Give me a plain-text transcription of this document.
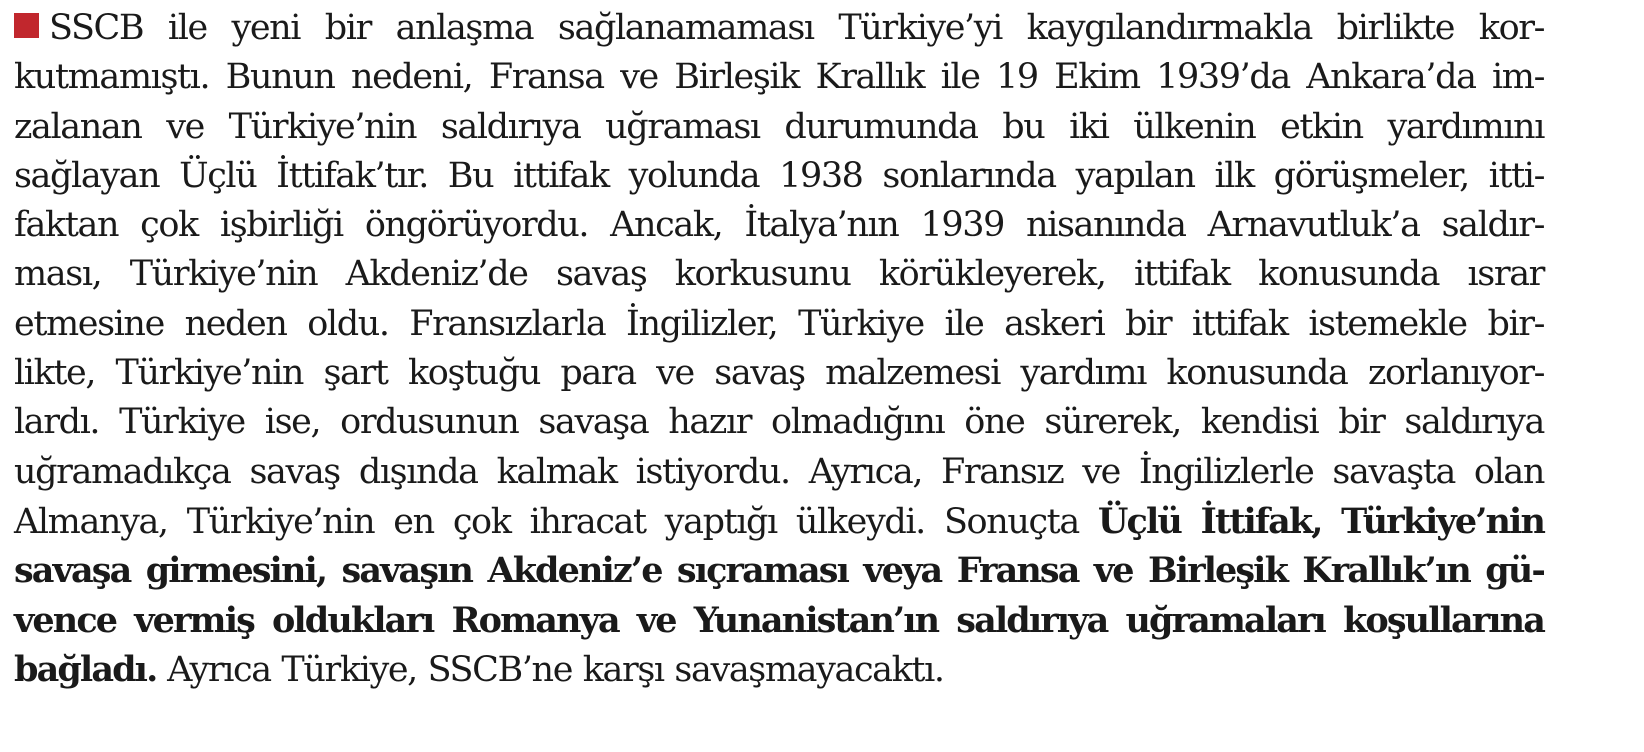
SSCB ile yeni bir anlaşma sağlanamaması Türkiye’yi kaygılandırmakla birlikte kor-
kutmamıştı. Bunun nedeni, Fransa ve Birleşik Krallık ile 19 Ekim 1939’da Ankara’da im-
zalanan ve Türkiye’nin saldırıya uğraması durumunda bu iki ülkenin etkin yardımını
sağlayan Üçlü İttifak’tır. Bu ittifak yolunda 1938 sonlarında yapılan ilk görüşmeler, itti-
faktan çok işbirliği öngörüyordu. Ancak, İtalya’nın 1939 nisanında Arnavutluk’a saldır-
ması, Türkiye’nin Akdeniz’de savaş korkusunu körükleyerek, ittifak konusunda ısrar
etmesine neden oldu. Fransızlarla İngilizler, Türkiye ile askeri bir ittifak istemekle bir-
likte, Türkiye’nin şart koştuğu para ve savaş malzemesi yardımı konusunda zorlanıyor-
lardı. Türkiye ise, ordusunun savaşa hazır olmadığını öne sürerek, kendisi bir saldırıya
uğramadıkça savaş dışında kalmak istiyordu. Ayrıca, Fransız ve İngilizlerle savaşta olan
Almanya, Türkiye’nin en çok ihracat yaptığı ülkeydi. Sonuçta Üçlü İttifak, Türkiye’nin
savaşa girmesini, savaşın Akdeniz’e sıçraması veya Fransa ve Birleşik Krallık’ın gü-
vence vermiş oldukları Romanya ve Yunanistan’ın saldırıya uğramaları koşullarına
bağladı. Ayrıca Türkiye, SSCB’ne karşı savaşmayacaktı.
